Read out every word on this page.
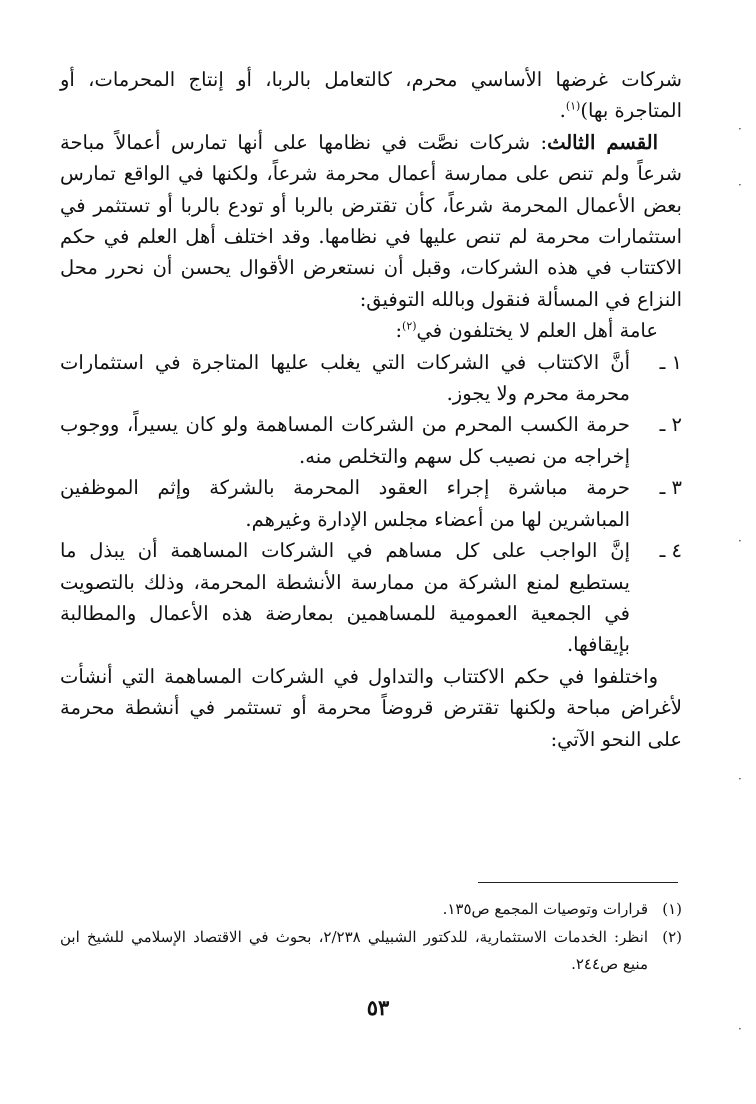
شركات غرضها الأساسي محرم، كالتعامل بالربا، أو إنتاج المحرمات، أو المتاجرة بها)$^{(١)}$.

القسم الثالث: شركات نصَّت في نظامها على أنها تمارس أعمالاً مباحة شرعاً ولم تنص على ممارسة أعمال محرمة شرعاً، ولكنها في الواقع تمارس بعض الأعمال المحرمة شرعاً، كأن تقترض بالربا أو تودع بالربا أو تستثمر في استثمارات محرمة لم تنص عليها في نظامها. وقد اختلف أهل العلم في حكم الاكتتاب في هذه الشركات، وقبل أن نستعرض الأقوال يحسن أن نحرر محل النزاع في المسألة فنقول وبالله التوفيق:

عامة أهل العلم لا يختلفون في$^{(٢)}$:

١ ـ
أنَّ الاكتتاب في الشركات التي يغلب عليها المتاجرة في استثمارات محرمة محرم ولا يجوز.
٢ ـ
حرمة الكسب المحرم من الشركات المساهمة ولو كان يسيراً، ووجوب إخراجه من نصيب كل سهم والتخلص منه.
٣ ـ
حرمة مباشرة إجراء العقود المحرمة بالشركة وإثم الموظفين المباشرين لها من أعضاء مجلس الإدارة وغيرهم.
٤ ـ
إنَّ الواجب على كل مساهم في الشركات المساهمة أن يبذل ما يستطيع لمنع الشركة من ممارسة الأنشطة المحرمة، وذلك بالتصويت في الجمعية العمومية للمساهمين بمعارضة هذه الأعمال والمطالبة بإيقافها.

واختلفوا في حكم الاكتتاب والتداول في الشركات المساهمة التي أنشأت لأغراض مباحة ولكنها تقترض قروضاً محرمة أو تستثمر في أنشطة محرمة على النحو الآتي:

(١)
قرارات وتوصيات المجمع ص١٣٥.
(٢)
انظر: الخدمات الاستثمارية، للدكتور الشبيلي ٢/٢٣٨، بحوث في الاقتصاد الإسلامي للشيخ ابن منيع ص٢٤٤.
٥٣
·
·
·
·
·
